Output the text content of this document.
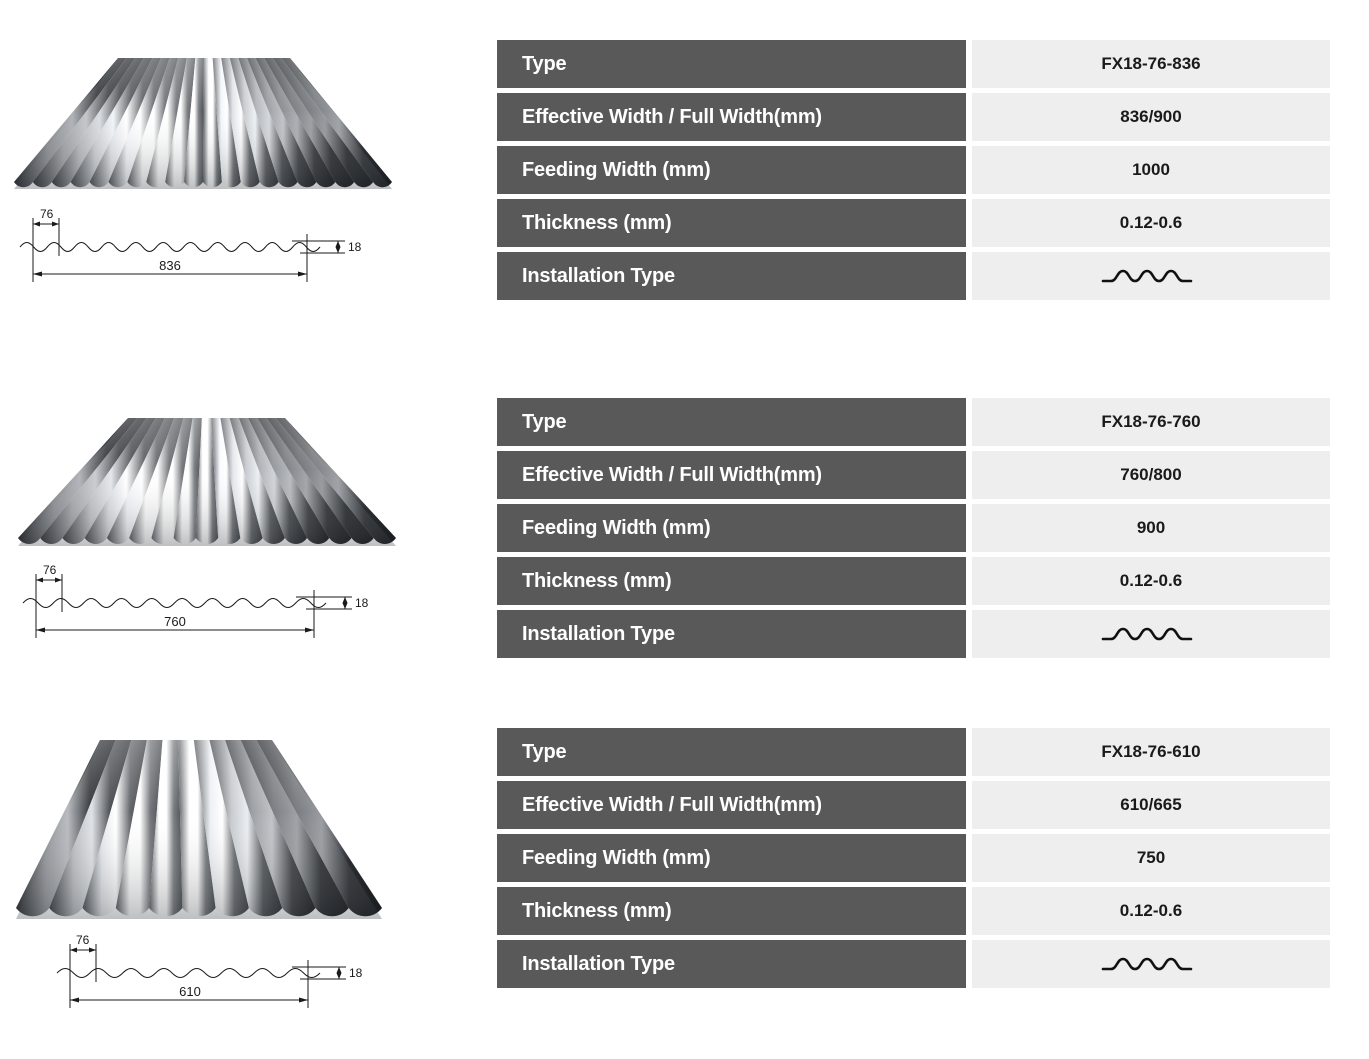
76
836
18
Type	FX18-76-836
Effective Width / Full Width(mm)	836/900
Feeding Width (mm)	1000
Thickness (mm)	0.12-0.6
Installation Type
76
760
18
Type	FX18-76-760
Effective Width / Full Width(mm)	760/800
Feeding Width (mm)	900
Thickness (mm)	0.12-0.6
Installation Type
76
610
18
Type	FX18-76-610
Effective Width / Full Width(mm)	610/665
Feeding Width (mm)	750
Thickness (mm)	0.12-0.6
Installation Type
